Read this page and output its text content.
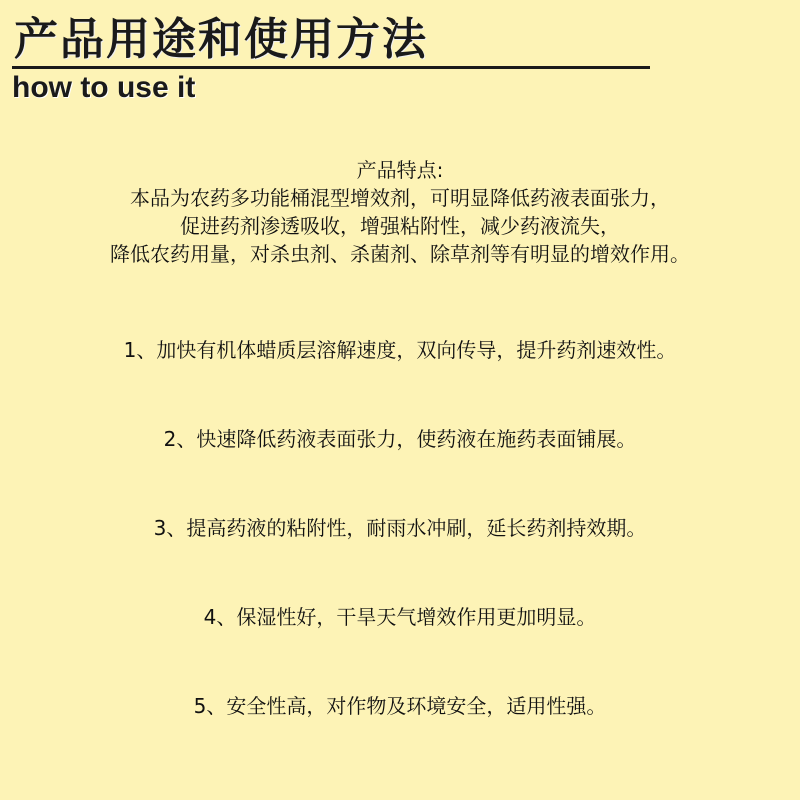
产品用途和使用方法
how to use it
产品特点:
本品为农药多功能桶混型增效剂，可明显降低药液表面张力，
促进药剂渗透吸收，增强粘附性，减少药液流失，
降低农药用量，对杀虫剂、杀菌剂、除草剂等有明显的增效作用。
1、加快有机体蜡质层溶解速度，双向传导，提升药剂速效性。
2、快速降低药液表面张力，使药液在施药表面铺展。
3、提高药液的粘附性，耐雨水冲刷，延长药剂持效期。
4、保湿性好，干旱天气增效作用更加明显。
5、安全性高，对作物及环境安全，适用性强。
